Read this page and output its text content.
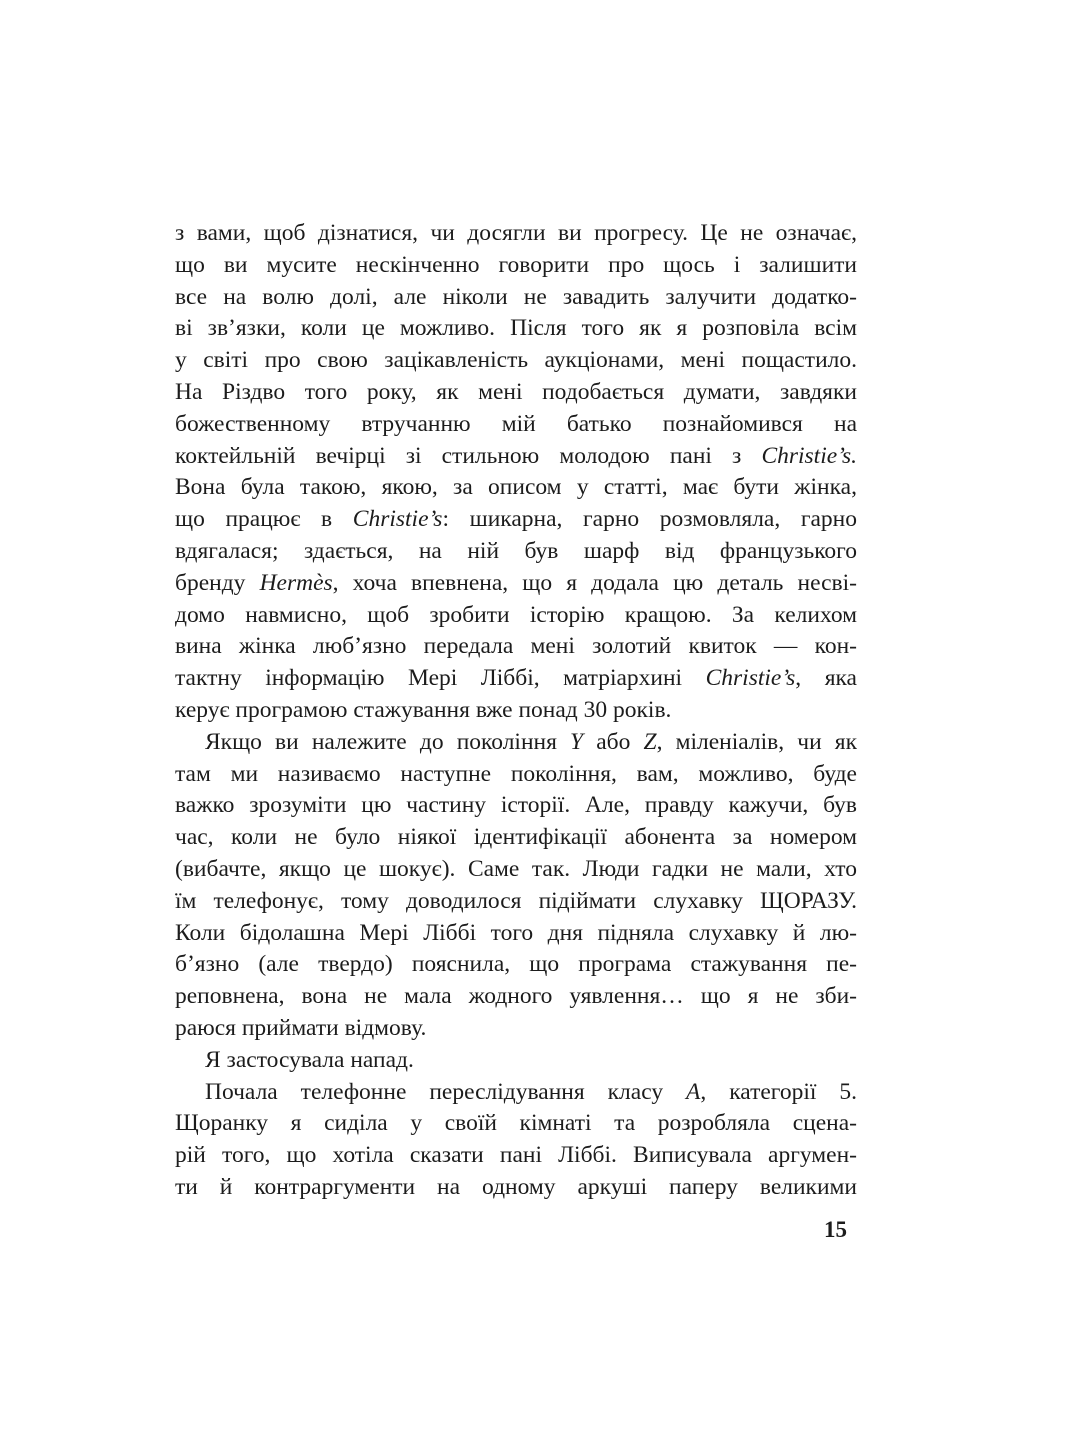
з вами, щоб дізнатися, чи досягли ви прогресу. Це не означає,
що ви мусите нескінченно говорити про щось і залишити
все на волю долі, але ніколи не завадить залучити додатко-
ві зв’язки, коли це можливо. Після того як я розповіла всім
у світі про свою зацікавленість аукціонами, мені пощастило.
На Різдво того року, як мені подобається думати, завдяки
божественному втручанню мій батько познайомився на
коктейльній вечірці зі стильною молодою пані з Christie’s.
Вона була такою, якою, за описом у статті, має бути жінка,
що працює в Christie’s: шикарна, гарно розмовляла, гарно
вдягалася; здається, на ній був шарф від французького
бренду Hermès, хоча впевнена, що я додала цю деталь несві-
домо навмисно, щоб зробити історію кращою. За келихом
вина жінка люб’язно передала мені золотий квиток — кон-
тактну інформацію Мері Ліббі, матріархині Christie’s, яка
керує програмою стажування вже понад 30 років.
Якщо ви належите до покоління Y або Z, міленіалів, чи як
там ми називаємо наступне покоління, вам, можливо, буде
важко зрозуміти цю частину історії. Але, правду кажучи, був
час, коли не було ніякої ідентифікації абонента за номером
(вибачте, якщо це шокує). Саме так. Люди гадки не мали, хто
їм телефонує, тому доводилося підіймати слухавку ЩОРАЗУ.
Коли бідолашна Мері Ліббі того дня підняла слухавку й лю-
б’язно (але твердо) пояснила, що програма стажування пе-
реповнена, вона не мала жодного уявлення… що я не зби-
раюся приймати відмову.
Я застосувала напад.
Почала телефонне переслідування класу А, категорії 5.
Щоранку я сиділа у своїй кімнаті та розробляла сцена-
рій того, що хотіла сказати пані Ліббі. Виписувала аргумен-
ти й контраргументи на одному аркуші паперу великими
15
